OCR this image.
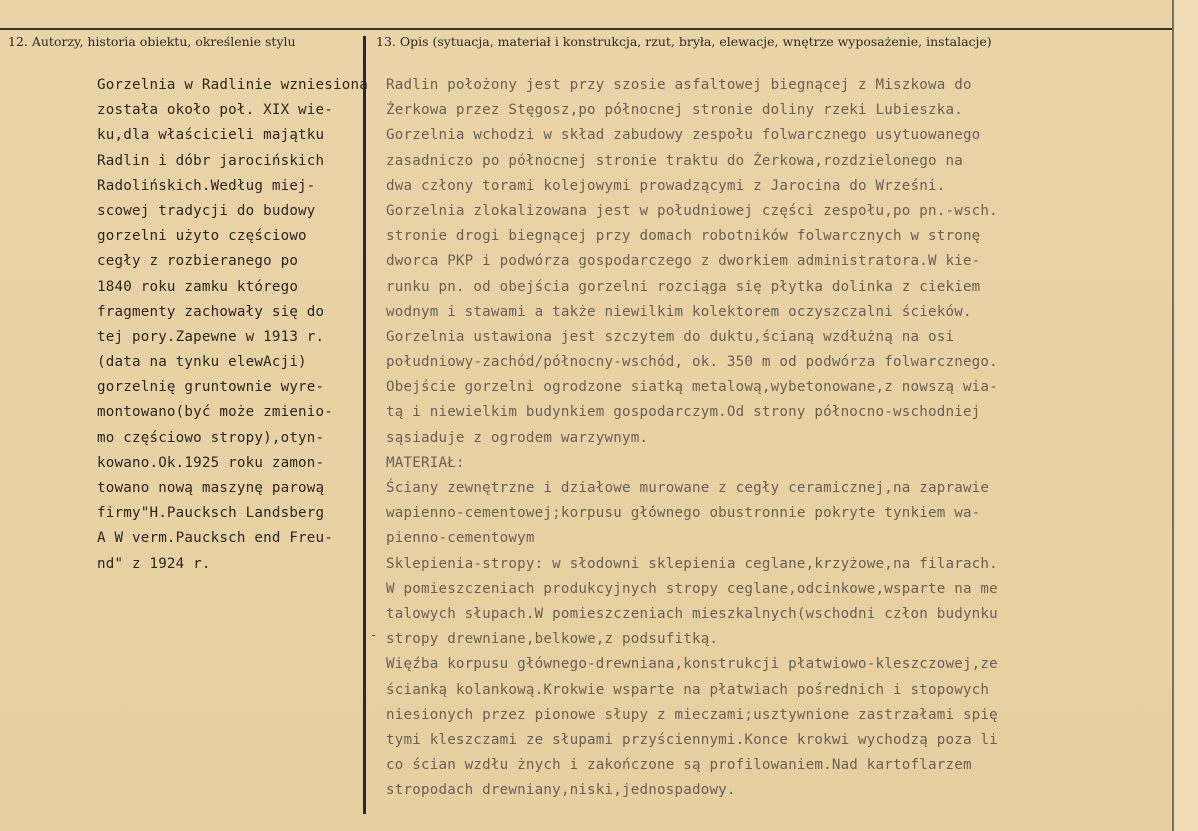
12. Autorzy, historia obiektu, określenie stylu	13. Opis (sytuacja, materiał i konstrukcja, rzut, bryła, elewacje, wnętrze wyposażenie, instalacje)
Gorzelnia w Radlinie wzniesiona
została około poł. XIX wie-
ku,dla właścicieli majątku
Radlin i dóbr jarocińskich
Radolińskich.Według miej-
scowej tradycji do budowy
gorzelni użyto częściowo
cegły z rozbieranego po
1840 roku zamku którego
fragmenty zachowały się do
tej pory.Zapewne w 1913 r.
(data na tynku elewAcji)
gorzelnię gruntownie wyre-
montowano(być może zmienio-
mo częściowo stropy),otyn-
kowano.Ok.1925 roku zamon-
towano nową maszynę parową
firmy"H.Paucksch Landsberg
A W verm.Paucksch end Freu-
nd" z 1924 r.
Radlin położony jest przy szosie asfaltowej biegnącej z Miszkowa do
Żerkowa przez Stęgosz,po północnej stronie doliny rzeki Lubieszka.
Gorzelnia wchodzi w skład zabudowy zespołu folwarcznego usytuowanego
zasadniczo po północnej stronie traktu do Żerkowa,rozdzielonego na
dwa człony torami kolejowymi prowadzącymi z Jarocina do Wrześni.
Gorzelnia zlokalizowana jest w południowej części zespołu,po pn.-wsch.
stronie drogi biegnącej przy domach robotników folwarcznych w stronę
dworca PKP i podwórza gospodarczego z dworkiem administratora.W kie-
runku pn. od obejścia gorzelni rozciąga się płytka dolinka z ciekiem
wodnym i stawami a także niewilkim kolektorem oczyszczalni ścieków.
Gorzelnia ustawiona jest szczytem do duktu,ścianą wzdłużną na osi
południowy-zachód/północny-wschód, ok. 350 m od podwórza folwarcznego.
Obejście gorzelni ogrodzone siatką metalową,wybetonowane,z nowszą wia-
tą i niewielkim budynkiem gospodarczym.Od strony północno-wschodniej
sąsiaduje z ogrodem warzywnym.
MATERIAŁ:
Ściany zewnętrzne i działowe murowane z cegły ceramicznej,na zaprawie
wapienno-cementowej;korpusu głównego obustronnie pokryte tynkiem wa-
pienno-cementowym
Sklepienia-stropy: w słodowni sklepienia ceglane,krzyżowe,na filarach.
W pomieszczeniach produkcyjnych stropy ceglane,odcinkowe,wsparte na me
talowych słupach.W pomieszczeniach mieszkalnych(wschodni człon budynku
stropy drewniane,belkowe,z podsufitką.
Więźba korpusu głównego-drewniana,konstrukcji płatwiowo-kleszczowej,ze
ścianką kolankową.Krokwie wsparte na płatwiach pośrednich i stopowych
niesionych przez pionowe słupy z mieczami;usztywnione zastrzałami spię
tymi kleszczami ze słupami przyściennymi.Konce krokwi wychodzą poza li
co ścian wzdłu żnych i zakończone są profilowaniem.Nad kartoflarzem
stropodach drewniany,niski,jednospadowy.
-
